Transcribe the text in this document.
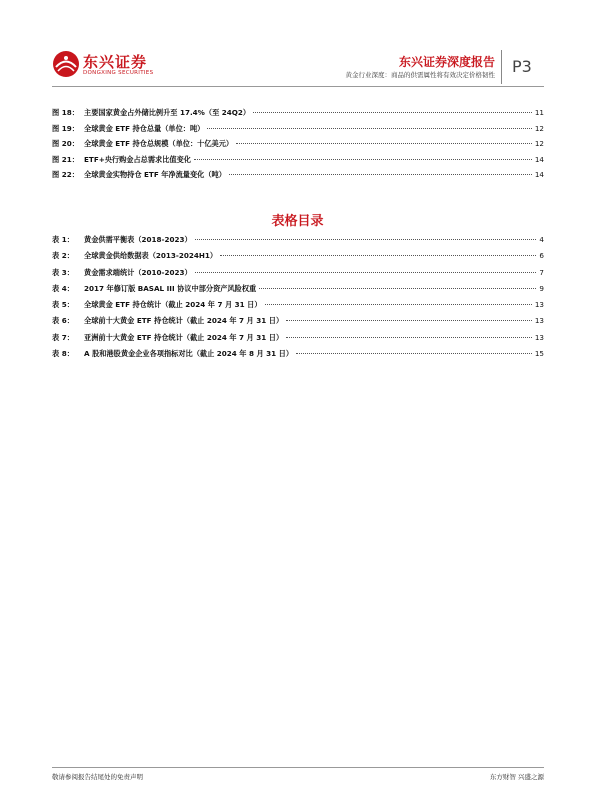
东兴证券
DONGXING SECURITIES
东兴证券深度报告
黄金行业深度：商品的供需属性将有效决定价格韧性 P3
图 18： 主要国家黄金占外储比例升至 17.4%（至 24Q2）	11
图 19： 全球黄金 ETF 持仓总量（单位：吨）	12
图 20： 全球黄金 ETF 持仓总规模（单位：十亿美元）	12
图 21： ETF+央行购金占总需求比值变化	14
图 22： 全球黄金实物持仓 ETF 年净流量变化（吨）	14
表格目录
表 1：	黄金供需平衡表（2018-2023）	4
表 2：	全球黄金供给数据表（2013-2024H1）	6
表 3：	黄金需求端统计（2010-2023）	7
表 4：	2017 年修订版 BASAL III 协议中部分资产风险权重	9
表 5：	全球黄金 ETF 持仓统计（截止 2024 年 7 月 31 日）	13
表 6：	全球前十大黄金 ETF 持仓统计（截止 2024 年 7 月 31 日）	13
表 7：	亚洲前十大黄金 ETF 持仓统计（截止 2024 年 7 月 31 日）	13
表 8：	A 股和港股黄金企业各项指标对比（截止 2024 年 8 月 31 日）	15
敬请参阅报告结尾处的免责声明	东方财智 兴盛之源
